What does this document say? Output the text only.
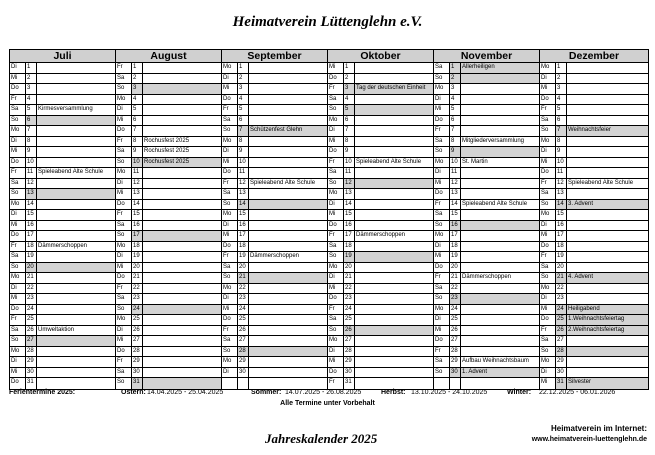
Heimatverein Lüttenglehn e.V.
Juli
Di	1
Mi	2
Do	3
Fr	4
Sa	5	Kirmesversammlung
So	6
Mo	7
Di	8
Mi	9
Do	10
Fr	11 Spieleabend Alte Schule
Sa	12
So	13
Mo	14
Di	15
Mi	16
Do	17
Fr	18 Dämmerschoppen
Sa	19
So	20
Mo	21
Di	22
Mi	23
Do	24
Fr	25
Sa	26 Umweltaktion
So	27
Mo	28
Di	29
Mi	30
Do	31
August
Fr	1
Sa	2
So	3
Mo	4
Di	5
Mi	6
Do	7
Fr	8	Rochusfest 2025
Sa	9	Rochusfest 2025
So	10 Rochusfest 2025
Mo	11
Di	12
Mi	13
Do	14
Fr	15
Sa	16
So	17
Mo	18
Di	19
Mi	20
Do	21
Fr	22
Sa	23
So	24
Mo	25
Di	26
Mi	27
Do	28
Fr	29
Sa	30
So	31
September
Mo	1
Di	2
Mi	3
Do	4
Fr	5
Sa	6
So	7	Schützenfest Glehn
Mo	8
Di	9
Mi	10
Do	11
Fr	12 Spieleabend Alte Schule
Sa	13
So	14
Mo	15
Di	16
Mi	17
Do	18
Fr	19 Dämmerschoppen
Sa	20
So	21
Mo	22
Di	23
Mi	24
Do	25
Fr	26
Sa	27
So	28
Mo	29
Di	30
Oktober
Mi	1
Do	2
Fr	3	Tag der deutschen Einheit
Sa	4
So	5
Mo	6
Di	7
Mi	8
Do	9
Fr	10 Spieleabend Alte Schule
Sa	11
So	12
Mo	13
Di	14
Mi	15
Do	16
Fr	17 Dämmerschoppen
Sa	18
So	19
Mo	20
Di	21
Mi	22
Do	23
Fr	24
Sa	25
So	26
Mo	27
Di	28
Mi	29
Do	30
Fr	31
November
Sa	1	Allerheiligen
So	2
Mo	3
Di	4
Mi	5
Do	6
Fr	7
Sa	8	Mitgliederversammlung
So	9
Mo	10 St. Martin
Di	11
Mi	12
Do	13
Fr	14 Spieleabend Alte Schule
Sa	15
So	16
Mo	17
Di	18
Mi	19
Do	20
Fr	21 Dämmerschoppen
Sa	22
So	23
Mo	24
Di	25
Mi	26
Do	27
Fr	28
Sa	29 Aufbau Weihnachtsbaum
So	30 1. Advent
Dezember
Mo	1
Di	2
Mi	3
Do	4
Fr	5
Sa	6
So	7	Weihnachtsfeier
Mo	8
Di	9
Mi	10
Do	11
Fr	12 Spieleabend Alte Schule
Sa	13
So	14 3. Advent
Mo	15
Di	16
Mi	17
Do	18
Fr	19
Sa	20
So	21 4. Advent
Mo	22
Di	23
Mi	24 Heiligabend
Do	25 1.Weihnachtsfeiertag
Fr	26 2.Weihnachtsfeiertag
Sa	27
So	28
Mo	29
Di	30
Mi	31 Silvester
Ferientermine 2025:	Ostern: 14.04.2025 - 25.04.2025	Sommer: 14.07.2025 - 26.08.2025	Herbst: 13.10.2025 - 24.10.2025	Winter: 22.12.2025 - 06.01.2026
Alle Termine unter Vorbehalt
Jahreskalender 2025
Heimatverein im Internet:
www.heimatverein-luettenglehn.de
